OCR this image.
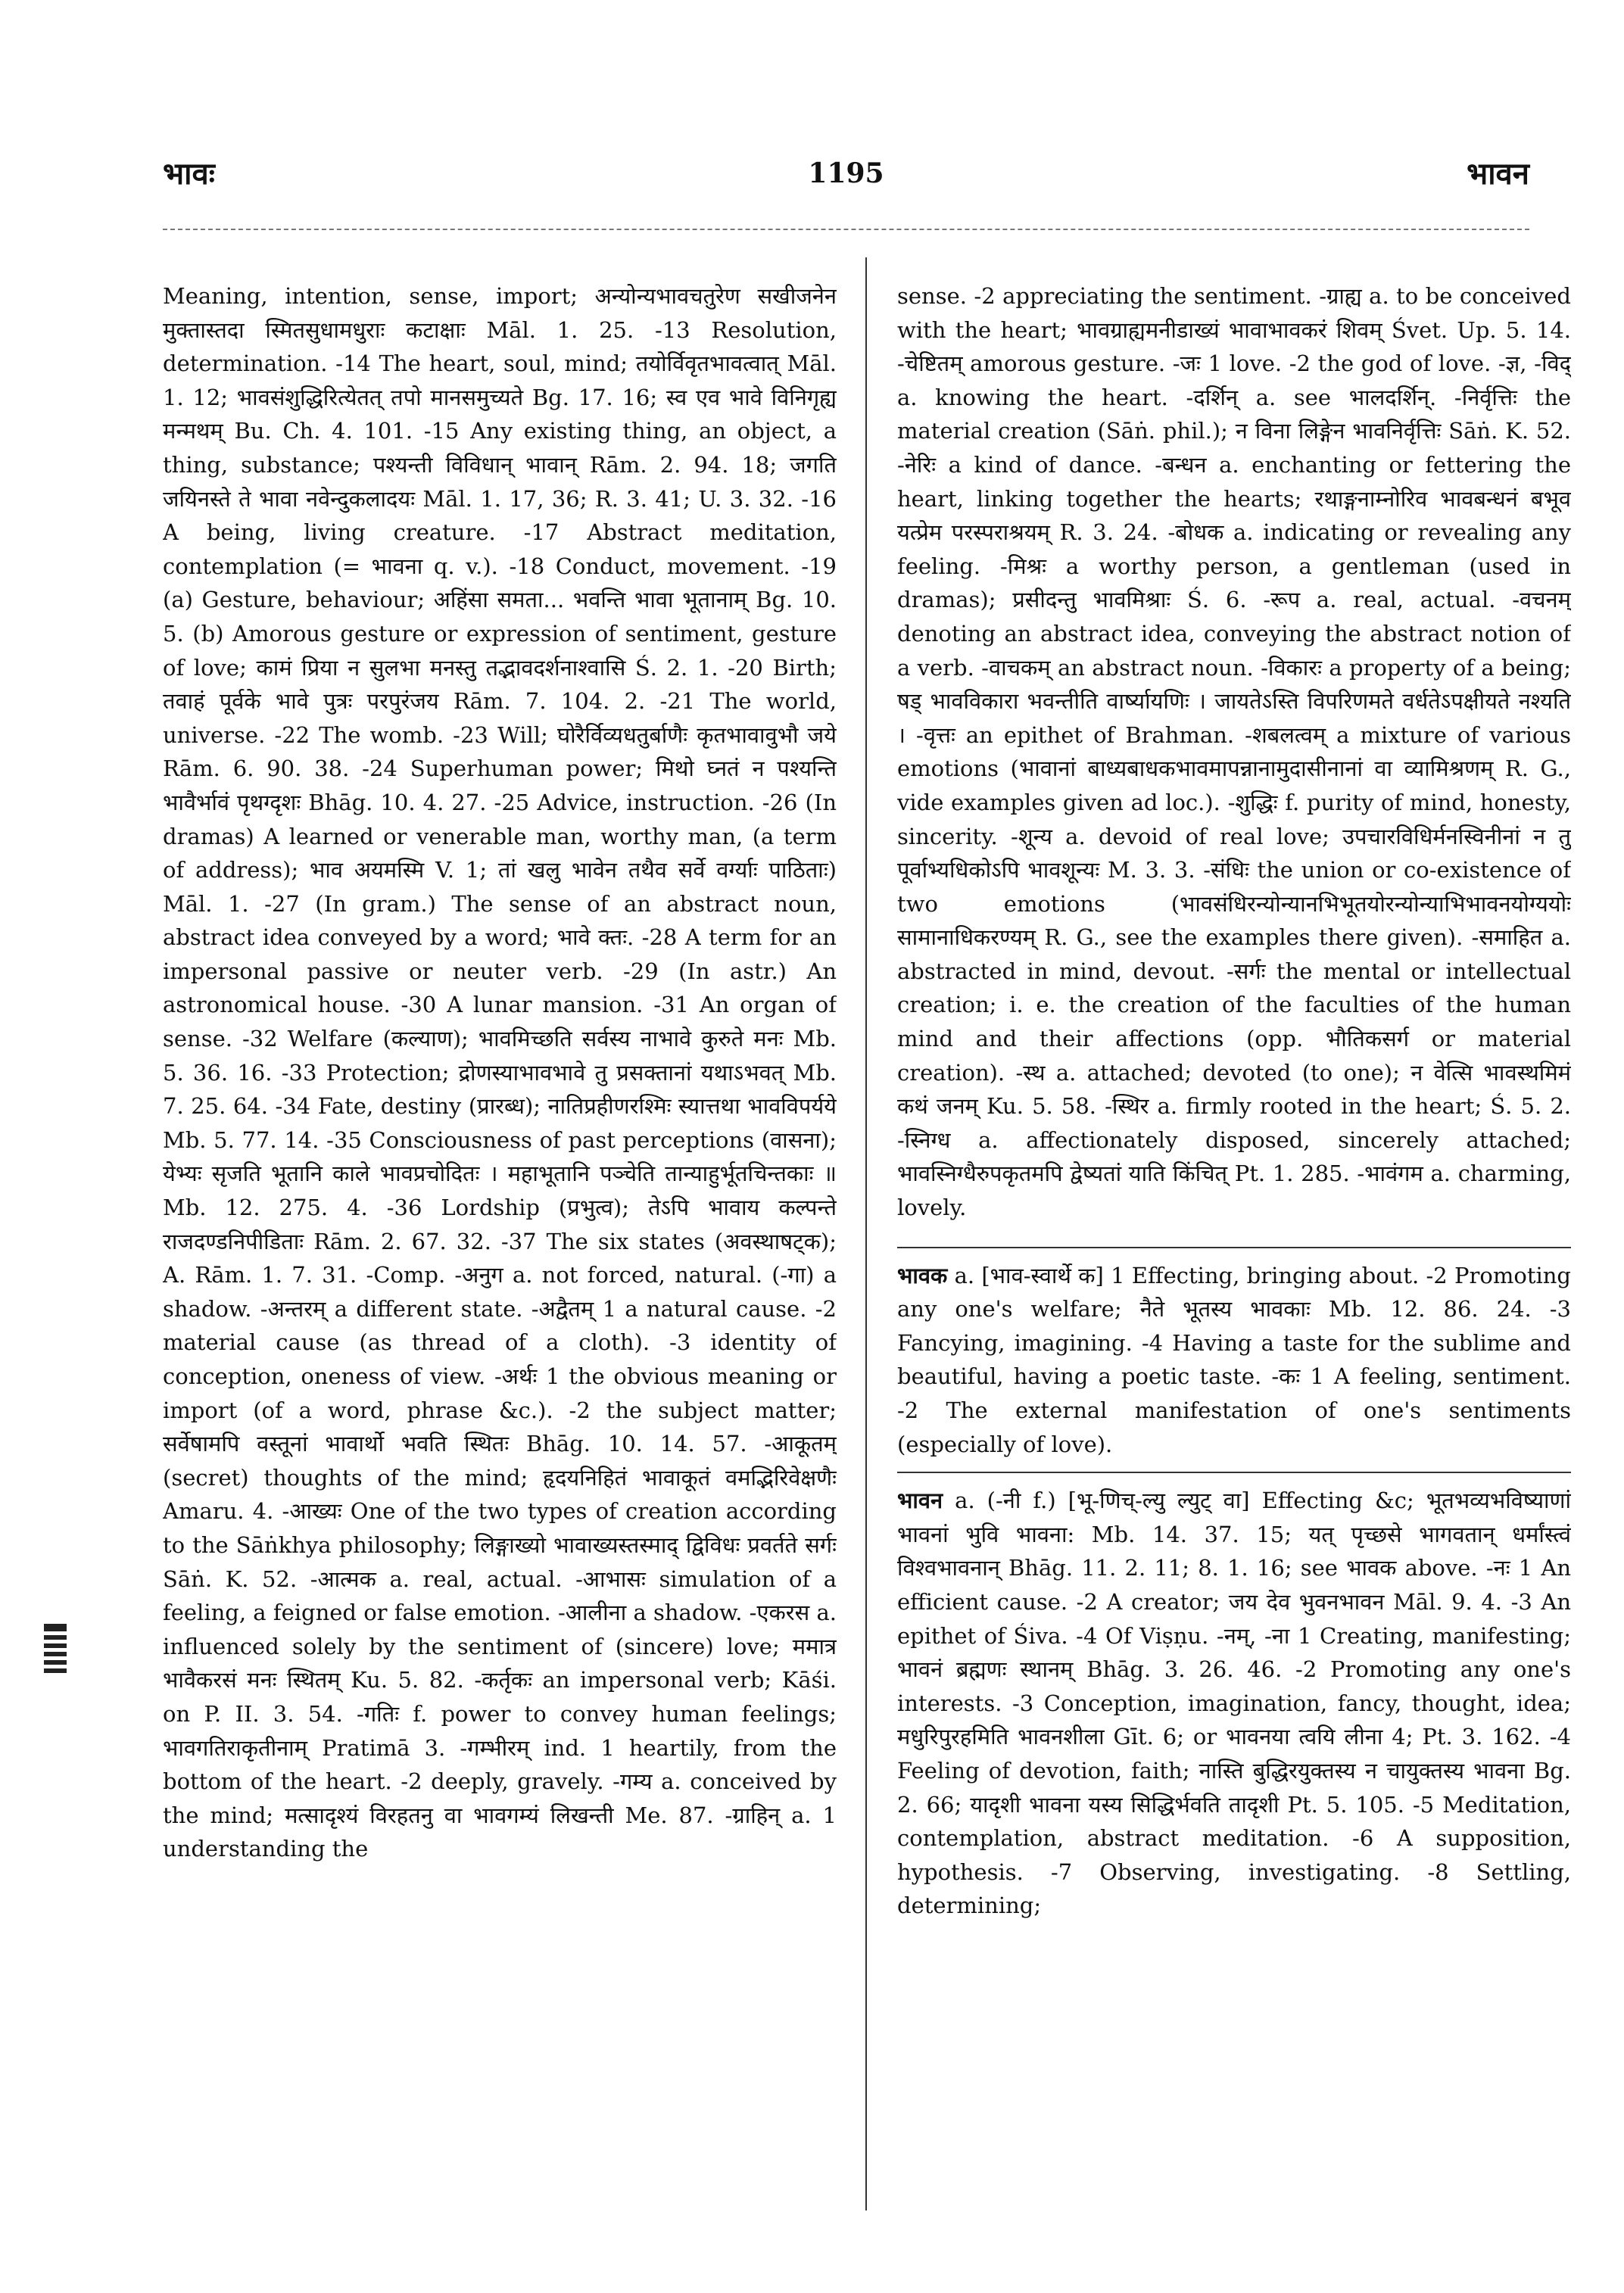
भावः	1195	भावन

Meaning, intention, sense, import; अन्योन्यभावचतुरेण सखीजनेन मुक्तास्तदा स्मितसुधामधुराः कटाक्षाः Māl. 1. 25. -13 Resolution, determination. -14 The heart, soul, mind; तयोर्विवृतभावत्वात् Māl. 1. 12; भावसंशुद्धिरित्येतत् तपो मानसमुच्यते Bg. 17. 16; स्व एव भावे विनिगृह्य मन्मथम् Bu. Ch. 4. 101. -15 Any existing thing, an object, a thing, substance; पश्यन्ती विविधान् भावान् Rām. 2. 94. 18; जगति जयिनस्ते ते भावा नवेन्दुकलादयः Māl. 1. 17, 36; R. 3. 41; U. 3. 32. -16 A being, living creature. -17 Abstract meditation, contemplation (= भावना q. v.). -18 Conduct, movement. -19 (a) Gesture, behaviour; अहिंसा समता... भवन्ति भावा भूतानाम् Bg. 10. 5. (b) Amorous gesture or expression of sentiment, gesture of love; कामं प्रिया न सुलभा मनस्तु तद्भावदर्शनाश्वासि Ś. 2. 1. -20 Birth; तवाहं पूर्वके भावे पुत्रः परपुरंजय Rām. 7. 104. 2. -21 The world, universe. -22 The womb. -23 Will; घोरैर्विव्यधतुर्बाणैः कृतभावावुभौ जये Rām. 6. 90. 38. -24 Superhuman power; मिथो घ्नतं न पश्यन्ति भावैर्भावं पृथग्दृशः Bhāg. 10. 4. 27. -25 Advice, instruction. -26 (In dramas) A learned or venerable man, worthy man, (a term of address); भाव अयमस्मि V. 1; तां खलु भावेन तथैव सर्वे वर्ग्याः पाठिताः) Māl. 1. -27 (In gram.) The sense of an abstract noun, abstract idea conveyed by a word; भावे क्तः. -28 A term for an impersonal passive or neuter verb. -29 (In astr.) An astronomical house. -30 A lunar mansion. -31 An organ of sense. -32 Welfare (कल्याण); भावमिच्छति सर्वस्य नाभावे कुरुते मनः Mb. 5. 36. 16. -33 Protection; द्रोणस्याभावभावे तु प्रसक्तानां यथाऽभवत् Mb. 7. 25. 64. -34 Fate, destiny (प्रारब्ध); नातिप्रहीणरश्मिः स्यात्तथा भावविपर्यये Mb. 5. 77. 14. -35 Consciousness of past perceptions (वासना); येभ्यः सृजति भूतानि काले भावप्रचोदितः । महाभूतानि पञ्चेति तान्याहुर्भूतचिन्तकाः ॥ Mb. 12. 275. 4. -36 Lordship (प्रभुत्व); तेऽपि भावाय कल्पन्ते राजदण्डनिपीडिताः Rām. 2. 67. 32. -37 The six states (अवस्थाषट्क); A. Rām. 1. 7. 31. -Comp. -अनुग a. not forced, natural. (-गा) a shadow. -अन्तरम् a different state. -अद्वैतम् 1 a natural cause. -2 material cause (as thread of a cloth). -3 identity of conception, oneness of view. -अर्थः 1 the obvious meaning or import (of a word, phrase &c.). -2 the subject matter; सर्वेषामपि वस्तूनां भावार्थो भवति स्थितः Bhāg. 10. 14. 57. -आकूतम् (secret) thoughts of the mind; हृदयनिहितं भावाकूतं वमद्भिरिवेक्षणैः Amaru. 4. -आख्यः One of the two types of creation according to the Sāṅkhya philosophy; लिङ्गाख्यो भावाख्यस्तस्माद् द्विविधः प्रवर्तते सर्गः Sāṅ. K. 52. -आत्मक a. real, actual. -आभासः simulation of a feeling, a feigned or false emotion. -आलीना a shadow. -एकरस a. influenced solely by the sentiment of (sincere) love; ममात्र भावैकरसं मनः स्थितम् Ku. 5. 82. -कर्तृकः an impersonal verb; Kāśi. on P. II. 3. 54. -गतिः f. power to convey human feelings; भावगतिराकृतीनाम् Pratimā 3. -गम्भीरम् ind. 1 heartily, from the bottom of the heart. -2 deeply, gravely. -गम्य a. conceived by the mind; मत्सादृश्यं विरहतनु वा भावगम्यं लिखन्ती Me. 87. -ग्राहिन् a. 1 understanding the

sense. -2 appreciating the sentiment. -ग्राह्य a. to be conceived with the heart; भावग्राह्यमनीडाख्यं भावाभावकरं शिवम् Śvet. Up. 5. 14. -चेष्टितम् amorous gesture. -जः 1 love. -2 the god of love. -ज्ञ, -विद् a. knowing the heart. -दर्शिन् a. see भालदर्शिन्. -निर्वृत्तिः the material creation (Sāṅ. phil.); न विना लिङ्गेन भावनिर्वृत्तिः Sāṅ. K. 52. -नेरिः a kind of dance. -बन्धन a. enchanting or fettering the heart, linking together the hearts; रथाङ्गनाम्नोरिव भावबन्धनं बभूव यत्प्रेम परस्पराश्रयम् R. 3. 24. -बोधक a. indicating or revealing any feeling. -मिश्रः a worthy person, a gentleman (used in dramas); प्रसीदन्तु भावमिश्राः Ś. 6. -रूप a. real, actual. -वचनम् denoting an abstract idea, conveying the abstract notion of a verb. -वाचकम् an abstract noun. -विकारः a property of a being; षड् भावविकारा भवन्तीति वार्ष्यायणिः । जायतेऽस्ति विपरिणमते वर्धतेऽपक्षीयते नश्यति । -वृत्तः an epithet of Brahman. -शबलत्वम् a mixture of various emotions (भावानां बाध्यबाधकभावमापन्नानामुदासीनानां वा व्यामिश्रणम् R. G., vide examples given ad loc.). -शुद्धिः f. purity of mind, honesty, sincerity. -शून्य a. devoid of real love; उपचारविधिर्मनस्विनीनां न तु पूर्वाभ्यधिकोऽपि भावशून्यः M. 3. 3. -संधिः the union or co-existence of two emotions (भावसंधिरन्योन्यानभिभूतयोरन्योन्याभिभावनयोग्ययोः सामानाधिकरण्यम् R. G., see the examples there given). -समाहित a. abstracted in mind, devout. -सर्गः the mental or intellectual creation; i. e. the creation of the faculties of the human mind and their affections (opp. भौतिकसर्ग or material creation). -स्थ a. attached; devoted (to one); न वेत्सि भावस्थमिमं कथं जनम् Ku. 5. 58. -स्थिर a. firmly rooted in the heart; Ś. 5. 2. -स्निग्ध a. affectionately disposed, sincerely attached; भावस्निग्धैरुपकृतमपि द्वेष्यतां याति किंचित् Pt. 1. 285. -भावंगम a. charming, lovely.

भावक a. [भाव-स्वार्थे क] 1 Effecting, bringing about. -2 Promoting any one's welfare; नैते भूतस्य भावकाः Mb. 12. 86. 24. -3 Fancying, imagining. -4 Having a taste for the sublime and beautiful, having a poetic taste. -कः 1 A feeling, sentiment. -2 The external manifestation of one's sentiments (especially of love).

भावन a. (-नी f.) [भू-णिच्-ल्यु ल्युट् वा] Effecting &c; भूतभव्यभविष्याणां भावनां भुवि भावना: Mb. 14. 37. 15; यत् पृच्छसे भागवतान् धर्मांस्त्वं विश्वभावनान् Bhāg. 11. 2. 11; 8. 1. 16; see भावक above. -नः 1 An efficient cause. -2 A creator; जय देव भुवनभावन Māl. 9. 4. -3 An epithet of Śiva. -4 Of Viṣṇu. -नम्, -ना 1 Creating, manifesting; भावनं ब्रह्मणः स्थानम् Bhāg. 3. 26. 46. -2 Promoting any one's interests. -3 Conception, imagination, fancy, thought, idea; मधुरिपुरहमिति भावनशीला Gīt. 6; or भावनया त्वयि लीना 4; Pt. 3. 162. -4 Feeling of devotion, faith; नास्ति बुद्धिरयुक्तस्य न चायुक्तस्य भावना Bg. 2. 66; यादृशी भावना यस्य सिद्धिर्भवति तादृशी Pt. 5. 105. -5 Meditation, contemplation, abstract meditation. -6 A supposition, hypothesis. -7 Observing, investigating. -8 Settling, determining;
